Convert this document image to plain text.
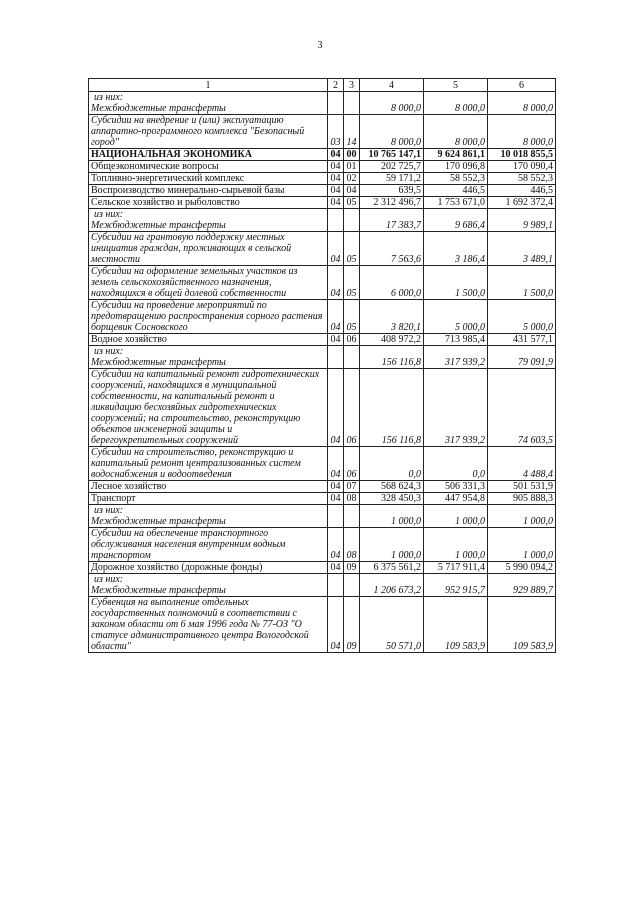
3
1	2	3	4	5	6

из них:
Межбюджетные трансферты			8 000,0	8 000,0	8 000,0

Субсидии на внедрение и (или) эксплуатацию аппаратно-программного комплекса "Безопасный город"	03	14	8 000,0	8 000,0	8 000,0

НАЦИОНАЛЬНАЯ ЭКОНОМИКА	04	00	10 765 147,1	9 624 861,1	10 018 855,5

Общеэкономические вопросы	04	01	202 725,7	170 096,8	170 090,4

Топливно-энергетический комплекс	04	02	59 171,2	58 552,3	58 552,3

Воспроизводство минерально-сырьевой базы	04	04	639,5	446,5	446,5

Сельское хозяйство и рыболовство	04	05	2 312 496,7	1 753 671,0	1 692 372,4

из них:
Межбюджетные трансферты			17 383,7	9 686,4	9 989,1

Субсидии на грантовую поддержку местных инициатив граждан, проживающих в сельской местности	04	05	7 563,6	3 186,4	3 489,1

Субсидии на оформление земельных участков из земель сельскохозяйственного назначения, находящихся в общей долевой собственности	04	05	6 000,0	1 500,0	1 500,0

Субсидии на проведение мероприятий по предотвращению распространения сорного растения борщевик Сосновского	04	05	3 820,1	5 000,0	5 000,0

Водное хозяйство	04	06	408 972,2	713 985,4	431 577,1

из них:
Межбюджетные трансферты			156 116,8	317 939,2	79 091,9

Субсидии на капитальный ремонт гидротехнических сооружений, находящихся в муниципальной собственности, на капитальный ремонт и ликвидацию бесхозяйных гидротехнических сооружений; на строительство, реконструкцию объектов инженерной защиты и берегоукрепительных сооружений	04	06	156 116,8	317 939,2	74 603,5

Субсидии на строительство, реконструкцию и капитальный ремонт централизованных систем водоснабжения и водоотведения	04	06	0,0	0,0	4 488,4

Лесное хозяйство	04	07	568 624,3	506 331,3	501 531,9

Транспорт	04	08	328 450,3	447 954,8	905 888,3

из них:
Межбюджетные трансферты			1 000,0	1 000,0	1 000,0

Субсидии на обеспечение транспортного обслуживания населения внутренним водным транспортом	04	08	1 000,0	1 000,0	1 000,0

Дорожное хозяйство (дорожные фонды)	04	09	6 375 561,2	5 717 911,4	5 990 094,2

из них:
Межбюджетные трансферты			1 206 673,2	952 915,7	929 889,7

Субвенция на выполнение отдельных государственных полномочий в соответствии с законом области от 6 мая 1996 года № 77-ОЗ "О статусе административного центра Вологодской области"	04	09	50 571,0	109 583,9	109 583,9
